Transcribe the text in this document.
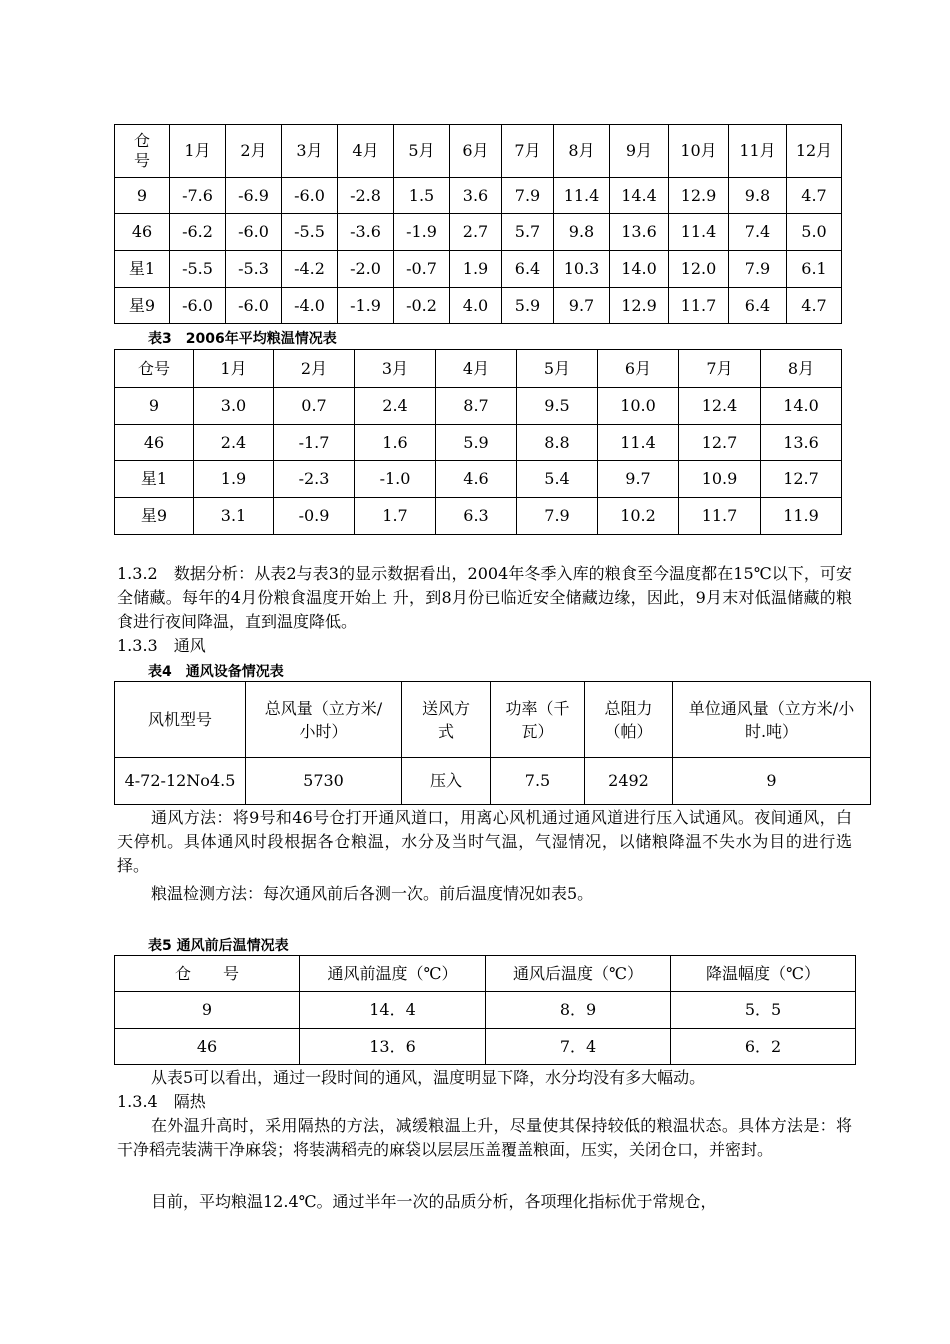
仓
号	1月	2月	3月	4月	5月	6月	7月	8月	9月	10月	11月	12月
9	-7.6	-6.9	-6.0	-2.8	1.5	3.6	7.9	11.4	14.4	12.9	9.8	4.7
46	-6.2	-6.0	-5.5	-3.6	-1.9	2.7	5.7	9.8	13.6	11.4	7.4	5.0
星1	-5.5	-5.3	-4.2	-2.0	-0.7	1.9	6.4	10.3	14.0	12.0	7.9	6.1
星9	-6.0	-6.0	-4.0	-1.9	-0.2	4.0	5.9	9.7	12.9	11.7	6.4	4.7
表3　2006年平均粮温情况表
仓号	1月	2月	3月	4月	5月	6月	7月	8月
9	3.0	0.7	2.4	8.7	9.5	10.0	12.4	14.0
46	2.4	-1.7	1.6	5.9	8.8	11.4	12.7	13.6
星1	1.9	-2.3	-1.0	4.6	5.4	9.7	10.9	12.7
星9	3.1	-0.9	1.7	6.3	7.9	10.2	11.7	11.9
1.3.2　数据分析：从表2与表3的显示数据看出，2004年冬季入库的粮食至今温度都在15℃以下，可安全储藏。每年的4月份粮食温度开始上 升，到8月份已临近安全储藏边缘，因此，9月末对低温储藏的粮食进行夜间降温，直到温度降低。
1.3.3　通风
表4　通风设备情况表
风机型号	总风量（立方米/小时）	送风方式	功率（千瓦）	总阻力（帕）	单位通风量（立方米/小时.吨）
4-72-12No4.5	5730	压入	7.5	2492	9
通风方法：将9号和46号仓打开通风道口，用离心风机通过通风道进行压入试通风。夜间通风，白天停机。具体通风时段根据各仓粮温，水分及当时气温，气湿情况，以储粮降温不失水为目的进行选择。
粮温检测方法：每次通风前后各测一次。前后温度情况如表5。
表5 通风前后温情况表
仓　　号	通风前温度（℃）	通风后温度（℃）	降温幅度（℃）
9	14．4	8．9	5．5
46	13．6	7．4	6．2
从表5可以看出，通过一段时间的通风，温度明显下降，水分均没有多大幅动。
1.3.4　隔热
在外温升高时，采用隔热的方法，减缓粮温上升，尽量使其保持较低的粮温状态。具体方法是：将干净稻壳装满干净麻袋；将装满稻壳的麻袋以层层压盖覆盖粮面，压实，关闭仓口，并密封。
目前，平均粮温12.4℃。通过半年一次的品质分析，各项理化指标优于常规仓，
